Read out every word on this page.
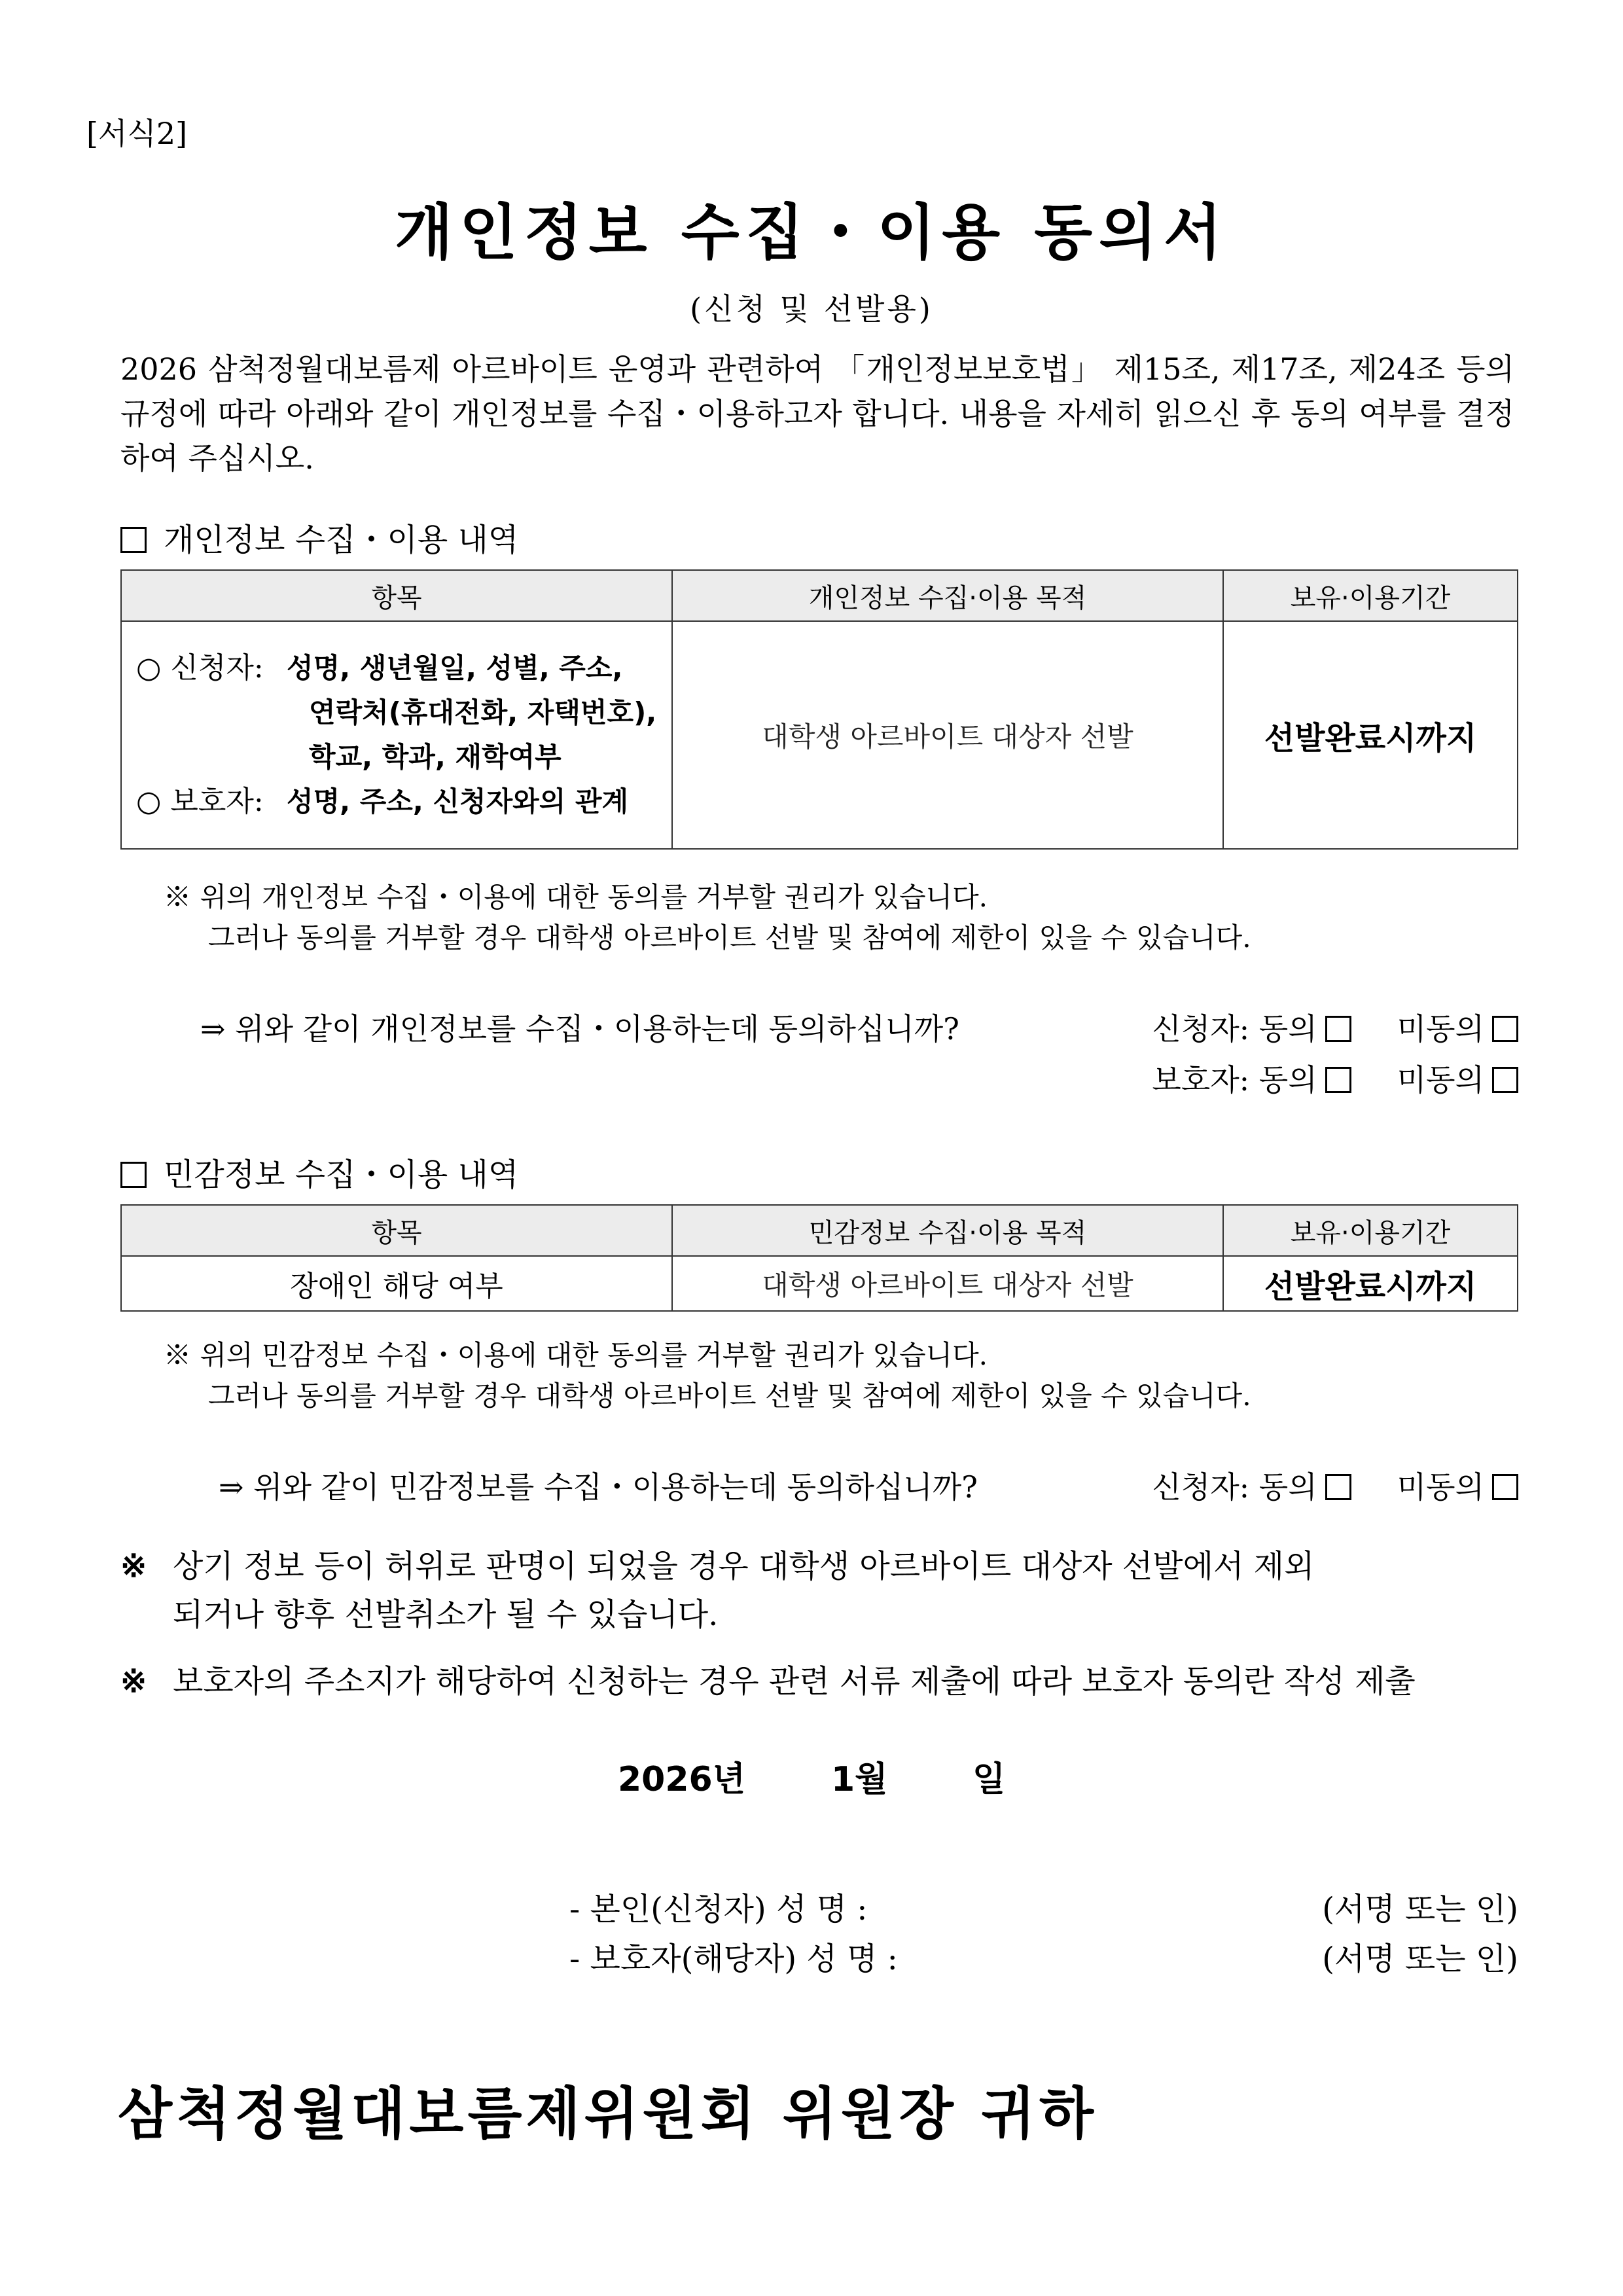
[서식2]
개인정보 수집・이용 동의서
(신청 및 선발용)
2026 삼척정월대보름제 아르바이트 운영과 관련하여 「개인정보보호법」 제15조, 제17조, 제24조 등의 규정에 따라 아래와 같이 개인정보를 수집・이용하고자 합니다. 내용을 자세히 읽으신 후 동의 여부를 결정하여 주십시오.
개인정보 수집・이용 내역
항목	개인정보 수집·이용 목적	보유·이용기간

○ 신청자: 성명, 생년월일, 성별, 주소,
연락처(휴대전화, 자택번호),
학교, 학과, 재학여부
○ 보호자: 성명, 주소, 신청자와의 관계	대학생 아르바이트 대상자 선발	선발완료시까지
※ 위의 개인정보 수집・이용에 대한 동의를 거부할 권리가 있습니다.
그러나 동의를 거부할 경우 대학생 아르바이트 선발 및 참여에 제한이 있을 수 있습니다.
⇒ 위와 같이 개인정보를 수집・이용하는데 동의하십니까?	신청자: 동의	미동의
보호자: 동의	미동의
민감정보 수집・이용 내역
항목	민감정보 수집·이용 목적	보유·이용기간
장애인 해당 여부	대학생 아르바이트 대상자 선발	선발완료시까지
※ 위의 민감정보 수집・이용에 대한 동의를 거부할 권리가 있습니다.
그러나 동의를 거부할 경우 대학생 아르바이트 선발 및 참여에 제한이 있을 수 있습니다.
⇒ 위와 같이 민감정보를 수집・이용하는데 동의하십니까?	신청자: 동의	미동의
※ 상기 정보 등이 허위로 판명이 되었을 경우 대학생 아르바이트 대상자 선발에서 제외
되거나 향후 선발취소가 될 수 있습니다.
※ 보호자의 주소지가 해당하여 신청하는 경우 관련 서류 제출에 따라 보호자 동의란 작성 제출
2026년	1월 일
- 본인(신청자) 성 명 :	(서명 또는 인)
- 보호자(해당자) 성 명 :	(서명 또는 인)
삼척정월대보름제위원회 위원장 귀하
